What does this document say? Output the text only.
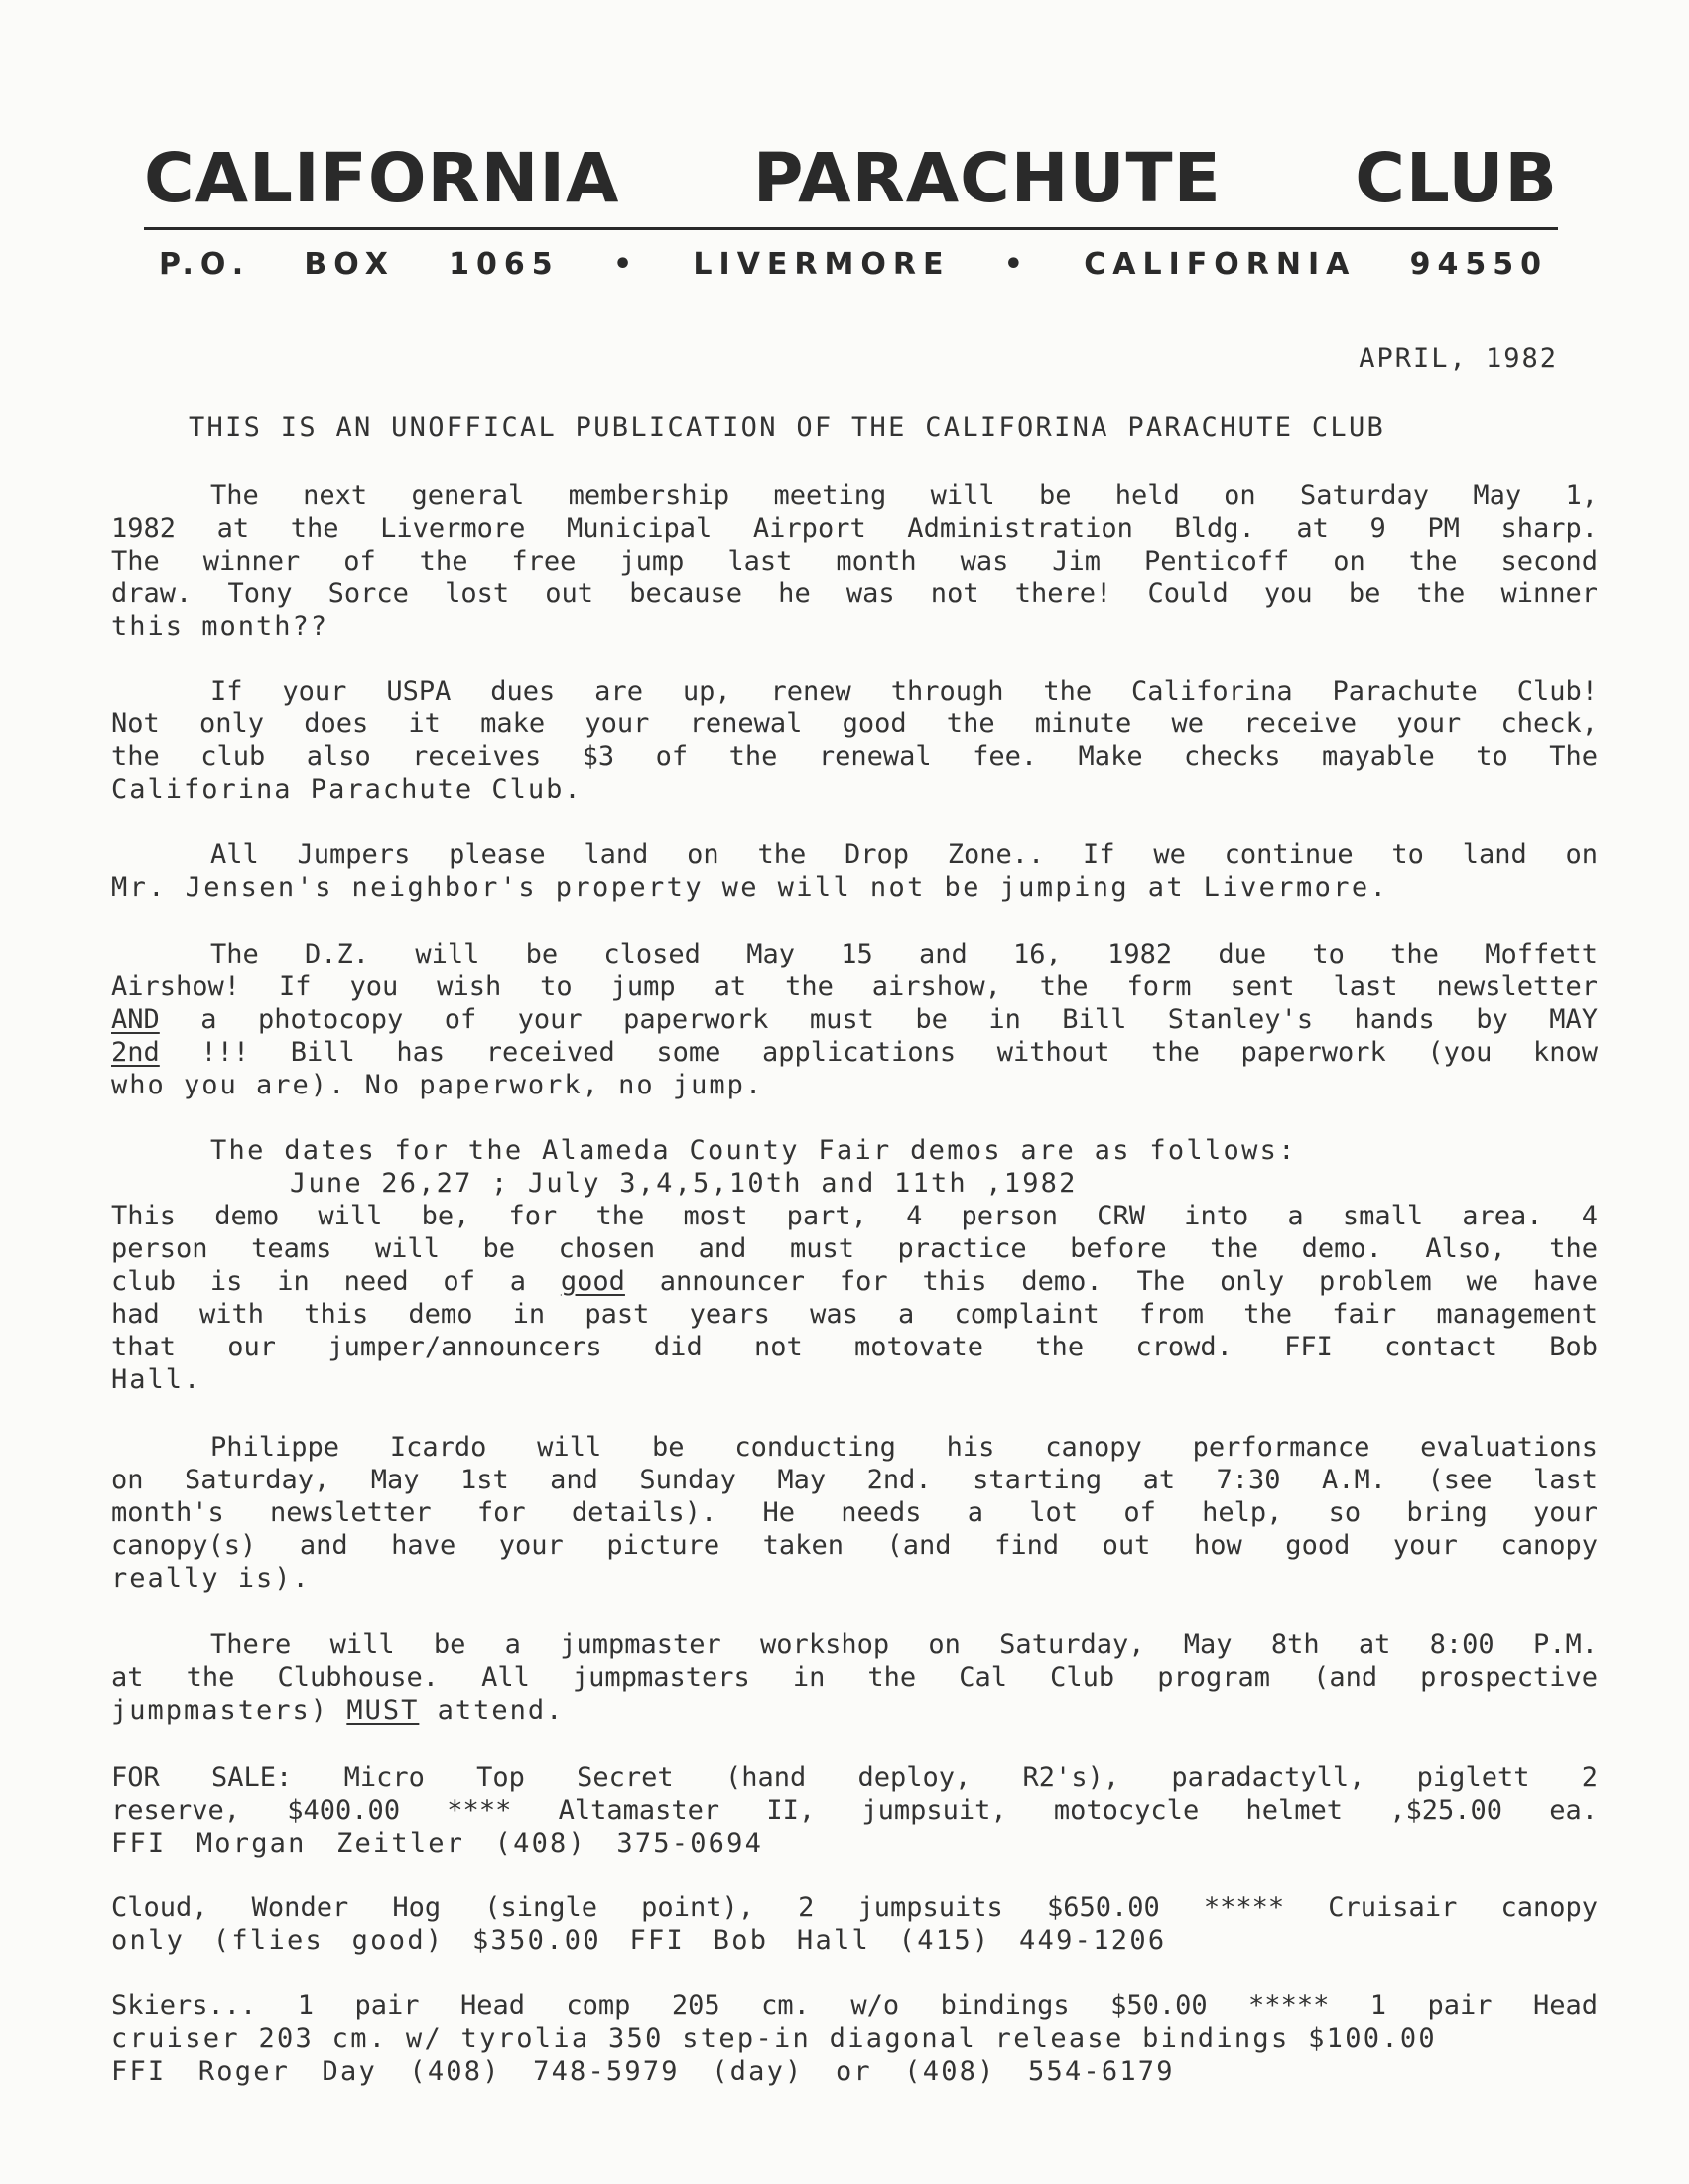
CALIFORNIA PARACHUTE CLUB
P.O. BOX 1065 • LIVERMORE • CALIFORNIA 94550
APRIL, 1982
THIS IS AN UNOFFICAL PUBLICATION OF THE CALIFORINA PARACHUTE CLUB
The next general membership meeting will be held on Saturday May 1,
1982 at the Livermore Municipal Airport Administration Bldg. at 9 PM sharp.
The winner of the free jump last month was Jim Penticoff on the second
draw. Tony Sorce lost out because he was not there! Could you be the winner
this month??
If your USPA dues are up, renew through the Califorina Parachute Club!
Not only does it make your renewal good the minute we receive your check,
the club also receives $3 of the renewal fee. Make checks mayable to The
Califorina Parachute Club.
All Jumpers please land on the Drop Zone.. If we continue to land on
Mr. Jensen's neighbor's property we will not be jumping at Livermore.
The D.Z. will be closed May 15 and 16, 1982 due to the Moffett
Airshow! If you wish to jump at the airshow, the form sent last newsletter
AND a photocopy of your paperwork must be in Bill Stanley's hands by MAY
2nd !!! Bill has received some applications without the paperwork (you know
who you are). No paperwork, no jump.
The dates for the Alameda County Fair demos are as follows:
June 26,27 ; July 3,4,5,10th and 11th ,1982
This demo will be, for the most part, 4 person CRW into a small area. 4
person teams will be chosen and must practice before the demo. Also, the
club is in need of a good announcer for this demo. The only problem we have
had with this demo in past years was a complaint from the fair management
that our jumper/announcers did not motovate the crowd. FFI contact Bob
Hall.
Philippe Icardo will be conducting his canopy performance evaluations
on Saturday, May 1st and Sunday May 2nd. starting at 7:30 A.M. (see last
month's newsletter for details). He needs a lot of help, so bring your
canopy(s) and have your picture taken (and find out how good your canopy
really is).
There will be a jumpmaster workshop on Saturday, May 8th at 8:00 P.M.
at the Clubhouse. All jumpmasters in the Cal Club program (and prospective
jumpmasters) MUST attend.
FOR SALE: Micro Top Secret (hand deploy, R2's), paradactyll, piglett 2
reserve, $400.00 **** Altamaster II, jumpsuit, motocycle helmet ,$25.00 ea.
FFI Morgan Zeitler (408) 375-0694
Cloud, Wonder Hog (single point), 2 jumpsuits $650.00 ***** Cruisair canopy
only (flies good) $350.00 FFI Bob Hall (415) 449-1206
Skiers... 1 pair Head comp 205 cm. w/o bindings $50.00 ***** 1 pair Head
cruiser 203 cm. w/ tyrolia 350 step-in diagonal release bindings $100.00
FFI Roger Day (408) 748-5979 (day) or (408) 554-6179
